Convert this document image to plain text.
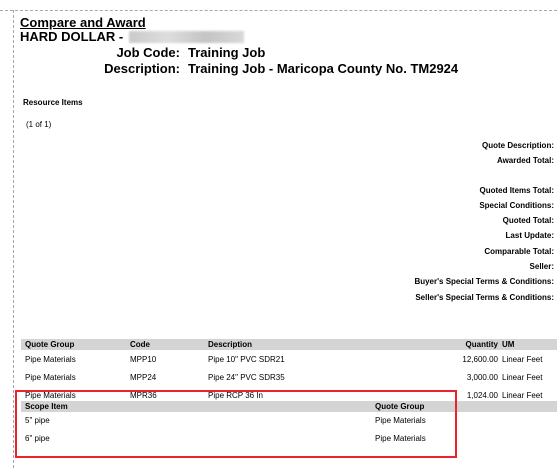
Compare and Award
HARD DOLLAR -
Job Code: Training Job
Description: Training Job - Maricopa County No. TM2924
Resource Items
(1 of 1)
Quote Description:
Awarded Total:
Quoted Items Total:
Special Conditions:
Quoted Total:
Last Update:
Comparable Total:
Seller:
Buyer's Special Terms & Conditions:
Seller's Special Terms & Conditions:
Quote Group	Code	Description	Quantity UM
Pipe Materials	MPP10	Pipe 10" PVC SDR21	12,600.00 Linear Feet
Pipe Materials	MPP24	Pipe 24" PVC SDR35	3,000.00 Linear Feet
Pipe Materials	MPR36	Pipe RCP 36 In	1,024.00 Linear Feet
Scope Item	Quote Group
5" pipe	Pipe Materials
6" pipe	Pipe Materials
